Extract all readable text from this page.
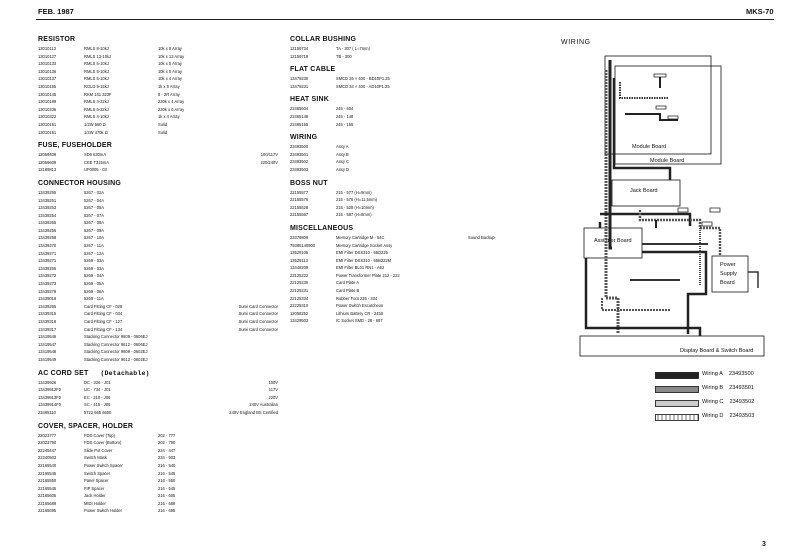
FEB. 1987	MKS-70
RESISTOR
13010113	RMLS 8-10kJ	10k x 8 Array
13010127	RMLS 13-10kJ	10k x 13 Array
13010133	RMLS 5-10kJ	10k x 5 Array
13010136	RMLS 5-10kJ	10k x 5 Array
13010137	RMLS 5-10kJ	10k x 4 Array
13010155	RGLD 9-15kJ	1k x 9 Array
13010145	RKM 141 323F	8 - 2R Array
13010189	RMLS 4-22kJ	220k x 4 Array
13010336	RMLS 6-22kJ	220k x 6 Array
13010322	RMLS 4-10kJ	1k x 4 Array
13010151	1/2W 560 Ω	Solid
13010151	1/2W 470k Ω	Solid
FUSE, FUSEHOLDER
12059409	SD6 630mA	100/117V
12059609	CEE T315mA	220/240V
12189813	UF0005 - 03
CONNECTOR HOUSING
13439255	5267 - 02A
13439251	5267 - 04A
13439253	5267 - 05A
13439254	5267 - 07A
13439255	5267 - 08A
13439256	5267 - 09A
13439258	5267 - 10A
13439270	5267 - 11A
13439271	5267 - 12A
13439271	5269 - 03A
13439265	5269 - 03A
13439272	5269 - 04A
13439273	5269 - 05A
13439279	5269 - 06A
13439018	5269 - 11A
13439265	Card Fitting CF - 028	Sumi Card Connector
13439315	Card Fitting CF - 034	Sumi Card Connector
13439318	Card Fitting CF - 127	Sumi Card Connector
13439317	Card Fitting CF - 134	Sumi Card Connector
13419546	Stacking Connector 9609 - 0606EJ
13419547	Stacking Connector 9612 - 0606EJ
13419548	Stacking Connector 9609 - 0602EJ
13419549	Stacking Connector 9612 - 0602EJ
AC CORD SET (Detachable)
13439926	DC - 326 - J01	100V
13439912F0	UC - 734 - J01	117V
13439913F0	EC - 210 - J06	220V
13439914F0	SC - 415 - J06	240V Australian
23465110	5722 665 6600	240V England BS Certified
COVER, SPACER, HOLDER
22023777	FDD Cover (Top)	202 - 777
22023790	FDD Cover (Bottom)	202 - 790
22245447	Slide Pot Cover	224 - 447
22340503	Switch Mask	234 - 503
22165540	Power Switch Spacer	216 - 540
22165545	Switch Spacer	216 - 545
22165550	Panel Spacer	216 - 550
22165545	FIP Spacer	216 - 545
22165605	Jack Holder	216 - 605
22165689	MIDI Holder	216 - 689
22165695	Power Switch Holder	216 - 695
COLLAR BUSHING
12159734	TA - 307 ( L=7mm)
12159719	TB - 300
FLAT CABLE
13479230	SMCD 26 × 400 - BD10P1.25
13479231	SMCD 34 × 400 - AD10P1.25
HEAT SINK
22465604	246 - 604
22465148	246 - 148
22465155	246 - 155
WIRING
23493500	Assy A
23493501	Assy B
23493502	Assy C
23493503	Assy D
BOSS NUT
22155577	215 - 577 (H=9mm)
22155576	215 - 576 (H=11.5mm)
22155528	215 - 528 (H=10mm)
22155567	215 - 567 (H=8mm)
MISCELLANEOUS
23379809	Memory Cartridge M - 64C	Sound Backup
79385140800	Memory Cartridge Socket Assy
13529105	EMI Filter DSS310 - 55D225
13529113	EMI Filter DSS310 - 55B222M
13449209	EMI Filter BL01 RN1 - A62
23125222	Power Transformer Plate 212 - 222
22125230	Card Plate A
22125231	Card Plate B
22125334	Rubber Foot 235 - 334
22225310	Power Switch Escutcheon
12058252	Lithium Battery CR - 2450
13429503	IC Socket SMD - 28 - 687
WIRING
Module Board
Module Board
Jack Board
Assigner Board
Power
Supply
Board
Display Board & Switch Board
Wiring A 23493500
Wiring B 23493501
Wiring C 23493502
Wiring D 23493503
3
